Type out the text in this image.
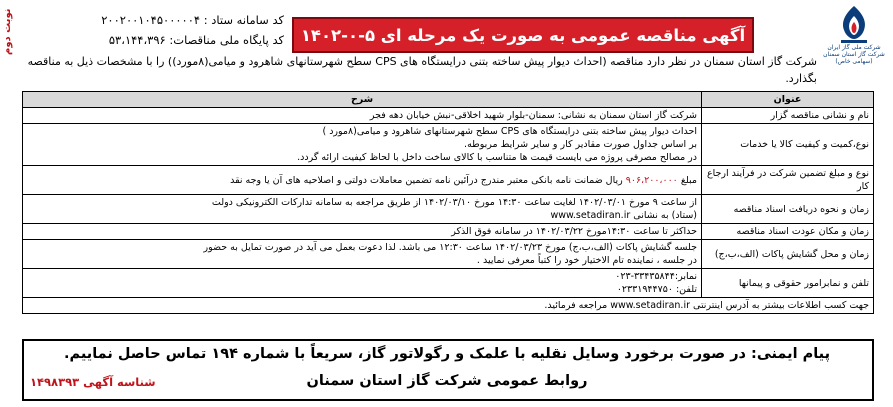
نوبت دوم	شرکت ملی گاز ایران
شرکت گاز استان سمنان
(سهامی خاص)
آگهی مناقصه عمومی به صورت یک مرحله ای ۵-۰-۱۴۰۲
کد سامانه ستاد : ۲۰۰۲۰۰۱۰۴۵۰۰۰۰۰۴
کد پایگاه ملی مناقصات: ۵۳،۱۴۴،۳۹۶
شرکت گاز استان سمنان در نظر دارد مناقصه (احداث دیوار پیش ساخته بتنی درایستگاه های CPS سطح شهرستانهای شاهرود و میامی(۸مورد)) را با مشخصات ذیل به مناقصه بگذارد.
عنوان	شرح
نام و نشانی مناقصه گزار	شرکت گاز استان سمنان به نشانی: سمنان-بلوار شهید اخلاقی-نبش خیابان دهه فجر
نوع،کمیت و کیفیت کالا یا خدمات	احداث دیوار پیش ساخته بتنی درایستگاه های CPS سطح شهرستانهای شاهرود و میامی(۸مورد )
بر اساس جداول صورت مقادیر کار و سایر شرایط مربوطه.
در مصالح مصرفی پروژه می بایست قیمت ها متناسب با کالای ساخت داخل با لحاظ کیفیت ارائه گردد.
نوع و مبلغ تضمین شرکت در فرآیند ارجاع کار	مبلغ ۹۰۶،۲۰۰،۰۰۰ ریال ضمانت نامه بانکی معتبر مندرج درآئین نامه تضمین معاملات دولتی و اصلاحیه های آن یا وجه نقد
زمان و نحوه دریافت اسناد مناقصه	از ساعت ۹ مورخ ۱۴۰۲/۰۳/۰۱ لغایت ساعت ۱۴:۳۰ مورخ ۱۴۰۲/۰۳/۱۰ از طریق مراجعه به سامانه تدارکات الکترونیکی دولت
(ستاد) به نشانی www.setadiran.ir
زمان و مکان عودت اسناد مناقصه	حداکثر تا ساعت ۱۴:۳۰مورخ ۱۴۰۲/۰۳/۲۲ در سامانه فوق الذکر
زمان و محل گشایش پاکات (الف،ب،ج)	جلسه گشایش پاکات (الف،ب،ج) مورخ ۱۴۰۲/۰۳/۲۳ ساعت ۱۲:۳۰ می باشد. لذا دعوت بعمل می آید در صورت تمایل به حضور
در جلسه ، نماینده تام الاختیار خود را کتباً معرفی نمایید .
تلفن و نمابرامور حقوقی و پیمانها	نمابر:۳۳۴۳۵۸۴۴-۰۲۳
تلفن: ۰۲۳۳۱۹۴۴۷۵۰
جهت کسب اطلاعات بیشتر به آدرس اینترنتی www.setadiran.ir مراجعه فرمائید.	
پیام ایمنی: در صورت برخورد وسایل نقلیه با علمک و رگولاتور گاز، سریعاً با شماره ۱۹۴ تماس حاصل نماییم.
روابط عمومی شرکت گاز استان سمنان
شناسه آگهی ۱۴۹۸۳۹۳
